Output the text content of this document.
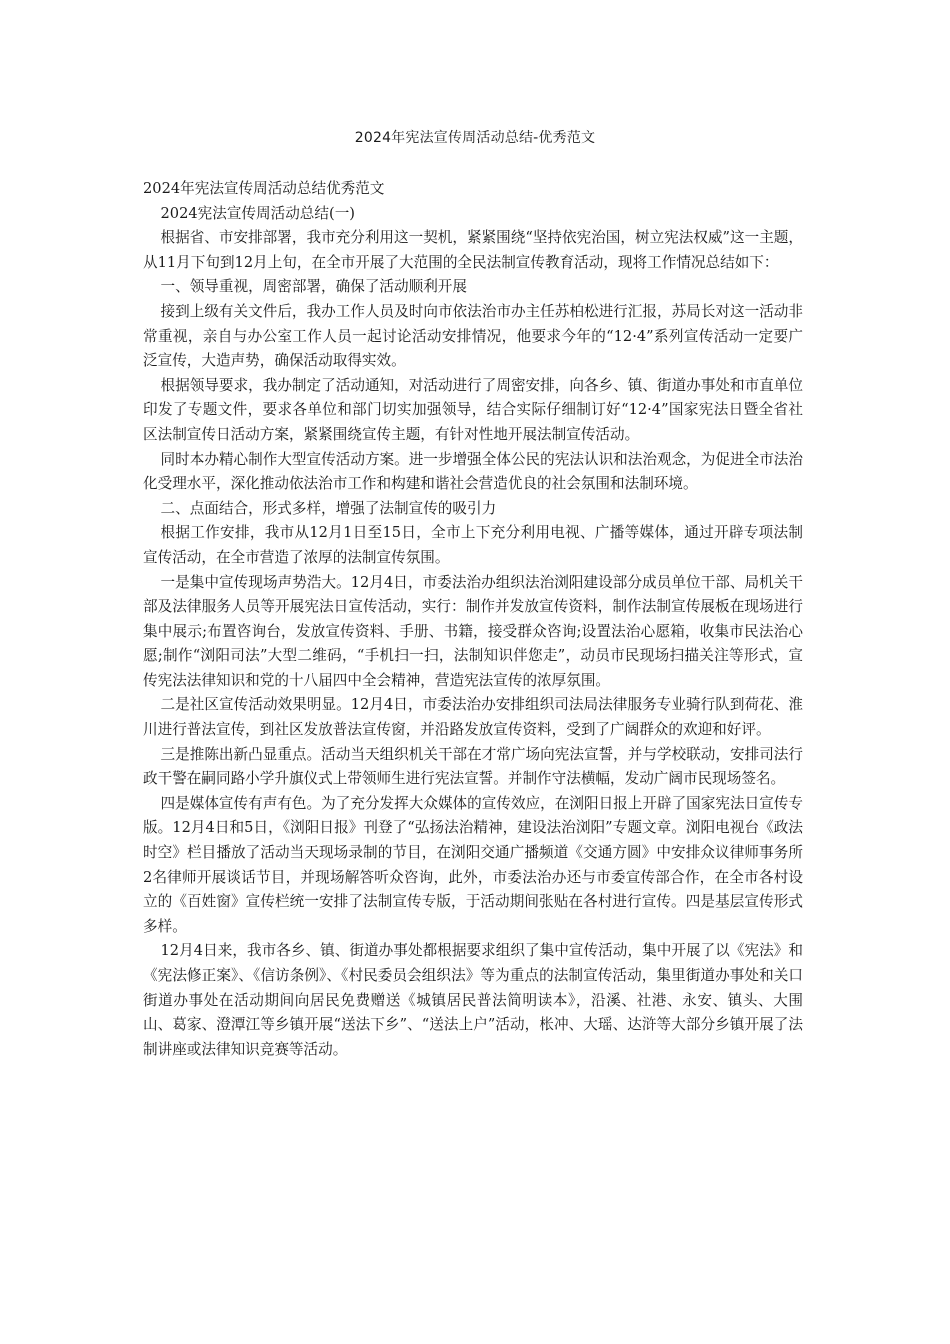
2024年宪法宣传周活动总结-优秀范文

2024年宪法宣传周活动总结优秀范文

2024宪法宣传周活动总结(一)

根据省、市安排部署，我市充分利用这一契机，紧紧围绕“坚持依宪治国，树立宪法权威”这一主题，从11月下旬到12月上旬，在全市开展了大范围的全民法制宣传教育活动，现将工作情况总结如下：

一、领导重视，周密部署，确保了活动顺利开展

接到上级有关文件后，我办工作人员及时向市依法治市办主任苏柏松进行汇报，苏局长对这一活动非常重视，亲自与办公室工作人员一起讨论活动安排情况，他要求今年的“12·4”系列宣传活动一定要广泛宣传，大造声势，确保活动取得实效。

根据领导要求，我办制定了活动通知，对活动进行了周密安排，向各乡、镇、街道办事处和市直单位印发了专题文件，要求各单位和部门切实加强领导，结合实际仔细制订好“12·4”国家宪法日暨全省社区法制宣传日活动方案，紧紧围绕宣传主题，有针对性地开展法制宣传活动。

同时本办精心制作大型宣传活动方案。进一步增强全体公民的宪法认识和法治观念，为促进全市法治化受理水平，深化推动依法治市工作和构建和谐社会营造优良的社会氛围和法制环境。

二、点面结合，形式多样，增强了法制宣传的吸引力

根据工作安排，我市从12月1日至15日，全市上下充分利用电视、广播等媒体，通过开辟专项法制宣传活动，在全市营造了浓厚的法制宣传氛围。

一是集中宣传现场声势浩大。12月4日，市委法治办组织法治浏阳建设部分成员单位干部、局机关干部及法律服务人员等开展宪法日宣传活动，实行：制作并发放宣传资料，制作法制宣传展板在现场进行集中展示;布置咨询台，发放宣传资料、手册、书籍，接受群众咨询;设置法治心愿箱，收集市民法治心愿;制作“浏阳司法”大型二维码，“手机扫一扫，法制知识伴您走”，动员市民现场扫描关注等形式，宣传宪法法律知识和党的十八届四中全会精神，营造宪法宣传的浓厚氛围。

二是社区宣传活动效果明显。12月4日，市委法治办安排组织司法局法律服务专业骑行队到荷花、淮川进行普法宣传，到社区发放普法宣传窗，并沿路发放宣传资料，受到了广阔群众的欢迎和好评。

三是推陈出新凸显重点。活动当天组织机关干部在才常广场向宪法宣誓，并与学校联动，安排司法行政干警在嗣同路小学升旗仪式上带领师生进行宪法宣誓。并制作守法横幅，发动广阔市民现场签名。

四是媒体宣传有声有色。为了充分发挥大众媒体的宣传效应，在浏阳日报上开辟了国家宪法日宣传专版。12月4日和5日，《浏阳日报》刊登了“弘扬法治精神，建设法治浏阳”专题文章。浏阳电视台《政法时空》栏目播放了活动当天现场录制的节目，在浏阳交通广播频道《交通方圆》中安排众议律师事务所2名律师开展谈话节目，并现场解答听众咨询，此外，市委法治办还与市委宣传部合作，在全市各村设立的《百姓窗》宣传栏统一安排了法制宣传专版，于活动期间张贴在各村进行宣传。四是基层宣传形式多样。

12月4日来，我市各乡、镇、街道办事处都根据要求组织了集中宣传活动，集中开展了以《宪法》和《宪法修正案》、《信访条例》、《村民委员会组织法》等为重点的法制宣传活动，集里街道办事处和关口街道办事处在活动期间向居民免费赠送《城镇居民普法简明读本》，沿溪、社港、永安、镇头、大围山、葛家、澄潭江等乡镇开展“送法下乡”、“送法上户”活动，枨冲、大瑶、达浒等大部分乡镇开展了法制讲座或法律知识竞赛等活动。
